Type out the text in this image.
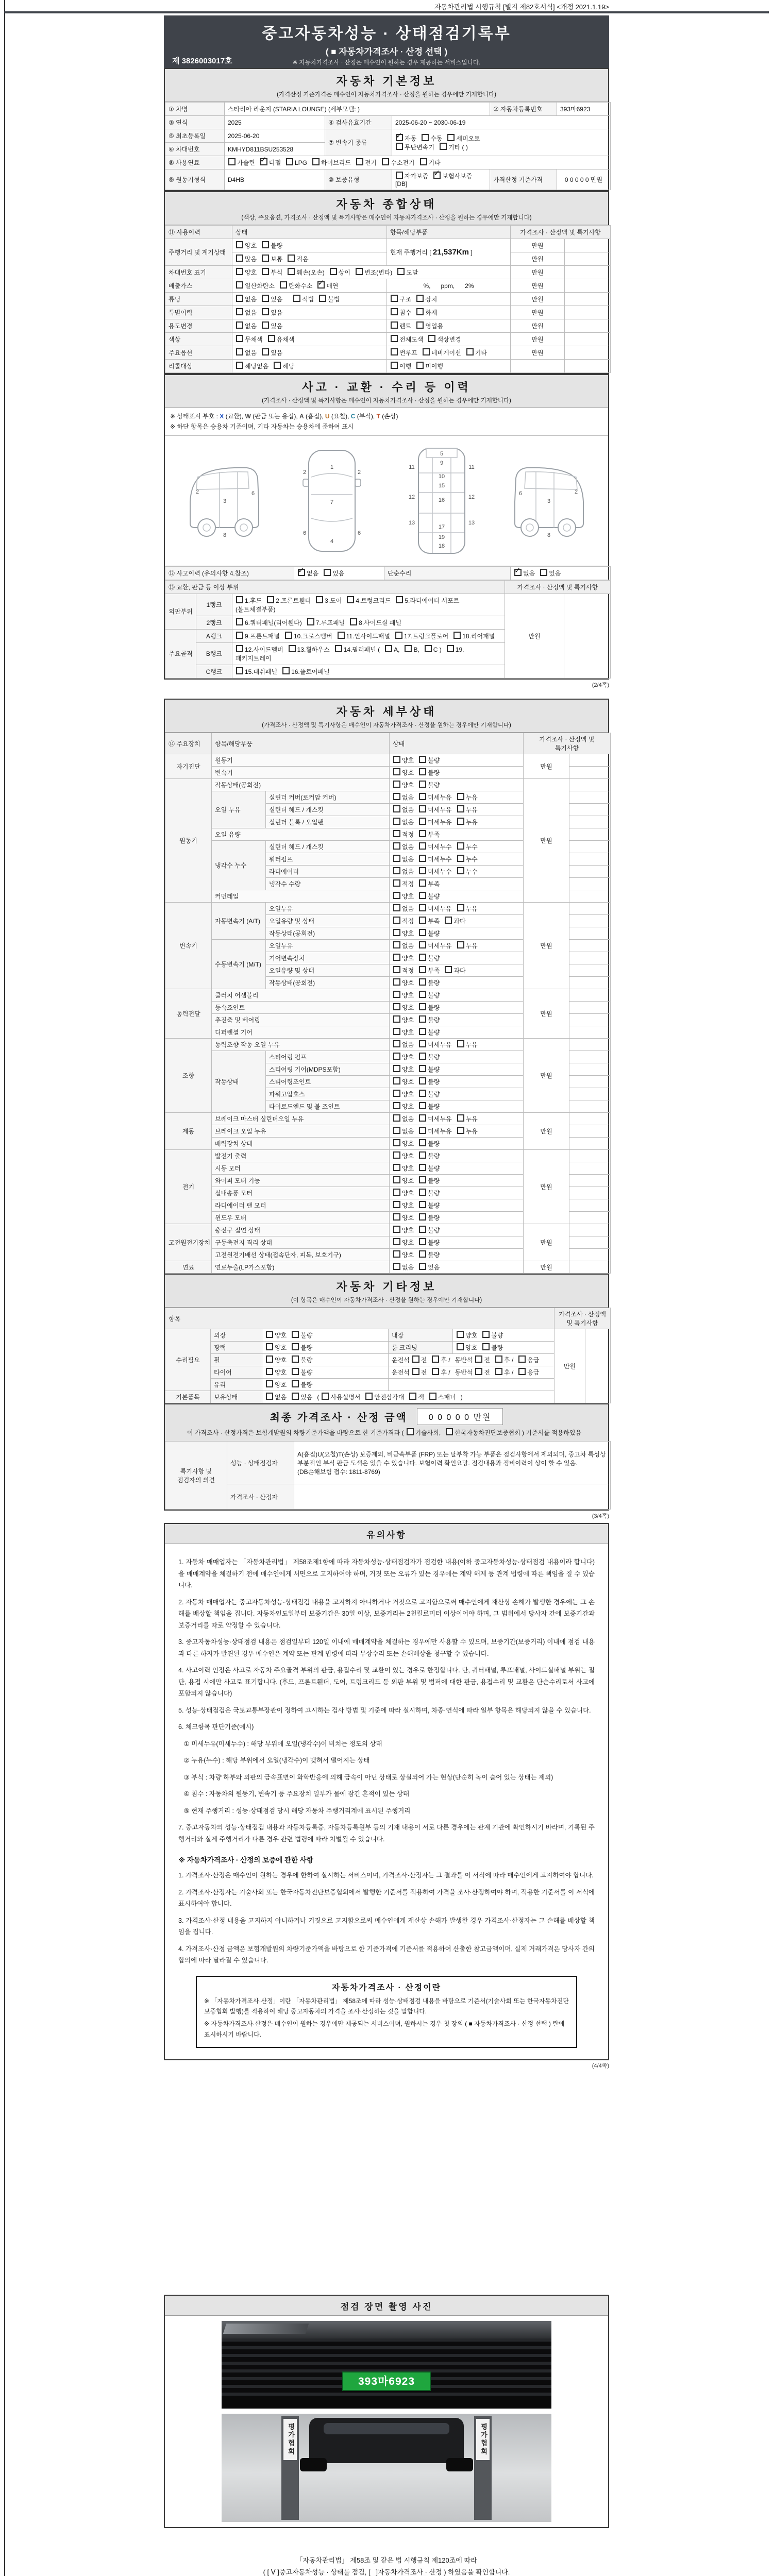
자동차관리법 시행규칙 [별지 제82호서식] <개정 2021.1.19>
중고자동차성능 · 상태점검기록부
( ■ 자동차가격조사 · 산정 선택 )
※ 자동차가격조사 · 산정은 매수인이 원하는 경우 제공하는 서비스입니다.
제 3826003017호
자동차 기본정보
(가격산정 기준가격은 매수인이 자동차가격조사 · 산정을 원하는 경우에만 기재합니다)
① 차명	스타리아 라운지 (STARIA LOUNGE) (세부모델: )			② 자동차등록번호	393마6923
③ 연식	2025	④ 검사유효기간	2025-06-20 ~ 2030-06-19		
⑤ 최초등록일	2025-06-20	⑦ 변속기 종류	
✓자동 수동 세미오토
무단변속기 기타 ( )

⑥ 차대번호	KMHYD811BSU253528				
⑧ 사용연료	가솔린 ✓ 디젤 LPG 하이브리드 전기 수소전기 기타
⑨ 원동기형식	D4HB	⑩ 보증유형	자가보증 ✓ 보험사보증[DB]	가격산정 기준가격	0 0 0 0 0 만원
자동차 종합상태
(색상, 주요옵션, 가격조사 · 산정액 및 특기사항은 매수인이 자동차가격조사 · 산정을 원하는 경우에만 기재합니다)
⑪ 사용이력	상태	항목/해당부품	가격조사 · 산정액 및 특기사항	
주행거리 및 계기상태	양호 불량	현재 주행거리 [ 21,537Km ]	만원	
	많음 보통 적음		만원	
차대번호 표기	양호 부식 훼손(오손) 상이 변조(변타) 도말		만원	
배출가스	일산화탄소 탄화수소 ✓ 매연	%,      ppm,      2%	만원	
튜닝	없음 있음 적법 불법	구조 장치	만원	
특별이력	없음 있음	침수 화재	만원	
용도변경	없음 있음	렌트 영업용	만원	
색상	무채색 유채색	전체도색 색상변경	만원	
주요옵션	없음 있음	썬루프 네비게이션 기타	만원	
리콜대상	해당없음 해당	이행 미이행		
사고 · 교환 · 수리 등 이력
(가격조사 · 산정액 및 특기사항은 매수인이 자동차가격조사 · 산정을 원하는 경우에만 기재합니다)
※ 상태표시 부호 : X (교환), W (판금 또는 용접), A (흠집), U (요철), C (부식), T (손상)
※ 하단 항목은 승용차 기준이며, 기타 자동차는 승용차에 준하여 표시
2
3
6
8
1
2	2
7
6	6
4
5
9
11	11
10
15
12	12
16
13	13
17
19
18
2
3
6
8
⑫ 사고이력 (유의사항 4.참조)	✓없음 있음	단순수리	✓없음 있음
⑬ 교환, 판금 등 이상 부위			가격조사 · 산정액 및 특기사항	
외판부위	1랭크	1.후드 2.프론트휀더 3.도어 4.트렁크리드 5.라디에이터 서포트(볼트체결부품)	만원	
	2랭크	6.쿼터패널(리어휀다) 7.루프패널 8.사이드실 패널		
주요골격	A랭크	9.프론트패널 10.크로스멤버 11.인사이드패널 17.트렁크플로어 18.리어패널		
	B랭크	12.사이드멤버 13.휠하우스 14.필러패널 ( A, B, C ) 19.패키지트레이		
	C랭크	15.대쉬패널 16.플로어패널		
(2/4쪽)
자동차 세부상태
(가격조사 · 산정액 및 특기사항은 매수인이 자동차가격조사 · 산정을 원하는 경우에만 기재합니다)
⑭ 주요장치	항목/해당부품		상태	가격조사 · 산정액 및 특기사항	
자기진단	원동기		양호 불량	만원	
	변속기		양호 불량		
원동기	작동상태(공회전)		양호 불량	만원	
	오일 누유	실린더 커버(로커암 커버)	없음 미세누유 누유		
		실린더 헤드 / 개스킷	없음 미세누유 누유		
		실린더 블록 / 오일팬	없음 미세누유 누유		
	오일 유량		적정 부족		
	냉각수 누수	실린더 헤드 / 개스킷	없음 미세누수 누수		
		워터펌프	없음 미세누수 누수		
		라디에이터	없음 미세누수 누수		
		냉각수 수량	적정 부족		
	커먼레일		양호 불량		
변속기	자동변속기 (A/T)	오일누유	없음 미세누유 누유	만원	
		오일유량 및 상태	적정 부족 과다		
		작동상태(공회전)	양호 불량		
	수동변속기 (M/T)	오일누유	없음 미세누유 누유		
		기어변속장치	양호 불량		
		오일유량 및 상태	적정 부족 과다		
		작동상태(공회전)	양호 불량		
동력전달	클러치 어셈블리		양호 불량	만원	
	등속죠인트		양호 불량		
	추진축 및 베어링		양호 불량		
	디퍼렌셜 기어		양호 불량		
조향	동력조향 작동 오일 누유		없음 미세누유 누유	만원	
	작동상태	스티어링 펌프	양호 불량		
		스티어링 기어(MDPS포함)	양호 불량		
		스티어링조인트	양호 불량		
		파워고압호스	양호 불량		
		타이로드엔드 및 볼 조인트	양호 불량		
제동	브레이크 마스터 실린더오일 누유		없음 미세누유 누유	만원	
	브레이크 오일 누유		없음 미세누유 누유		
	배력장치 상태		양호 불량		
전기	발전기 출력		양호 불량	만원	
	시동 모터		양호 불량		
	와이퍼 모터 기능		양호 불량		
	실내송풍 모터		양호 불량		
	라디에이터 팬 모터		양호 불량		
	윈도우 모터		양호 불량		
고전원전기장치	충전구 절연 상태		양호 불량	만원	
	구동축전지 격리 상태		양호 불량		
	고전원전기배선 상태(접속단자, 피복, 보호기구)		양호 불량		
연료	연료누출(LP가스포함)		없음 있음	만원	
자동차 기타정보
(이 항목은 매수인이 자동차가격조사 · 산정을 원하는 경우에만 기재합니다)
항목					가격조사 · 산정액 및 특기사항	
수리필요	외장	양호 불량	내장	양호 불량	만원	
	광택	양호 불량	룸 크리닝	양호 불량		
	휠	양호 불량	운전석 전 후 / 동반석 전 후 / 응급			
	타이어	양호 불량	운전석 전 후 / 동반석 전 후 / 응급			
	유리	양호 불량				
기본품목	보유상태	없음 있음 ( 사용설명서 안전삼각대 잭 스패너 )				
최종 가격조사 · 산정 금액	0 0 0 0 0 만원
이 가격조사 · 산정가격은 보험개발원의 차량기준가액을 바탕으로 한 기준가격과 ( 기술사회, 한국자동차진단보증협회 ) 기준서를 적용하였음
특기사항 및 점검자의 의견	성능 · 상태점검자	A(흠집)U(요철)T(손상) 보증제외, 비금속부품 (FRP) 또는 탈부착 가능 부품은 점검사항에서 제외되며, 중고차 특성상 부분적인 부식 판금 도색은 있을 수 있습니다. 보험이력 확인요망. 점검내용과 정비이력이 상이 할 수 있음. (DB손해보험 접수: 1811-8769)
	가격조사 · 산정자	
(3/4쪽)
유의사항
1. 자동차 매매업자는 「자동차관리법」 제58조제1항에 따라 자동차성능·상태점검자가 점검한 내용(이하 중고자동차성능·상태점검 내용이라 합니다)을 매매계약을 체결하기 전에 매수인에게 서면으로 고지하여야 하며, 거짓 또는 오류가 있는 경우에는 계약 해제 등 관계 법령에 따른 책임을 질 수 있습니다.
2. 자동차 매매업자는 중고자동차성능·상태점검 내용을 고지하지 아니하거나 거짓으로 고지함으로써 매수인에게 재산상 손해가 발생한 경우에는 그 손해를 배상할 책임을 집니다. 자동차인도일부터 보증기간은 30일 이상, 보증거리는 2천킬로미터 이상이어야 하며, 그 범위에서 당사자 간에 보증기간과 보증거리를 따로 약정할 수 있습니다.
3. 중고자동차성능·상태점검 내용은 점검일부터 120일 이내에 매매계약을 체결하는 경우에만 사용할 수 있으며, 보증기간(보증거리) 이내에 점검 내용과 다른 하자가 발견된 경우 매수인은 계약 또는 관계 법령에 따라 무상수리 또는 손해배상을 청구할 수 있습니다.
4. 사고이력 인정은 사고로 자동차 주요골격 부위의 판금, 용접수리 및 교환이 있는 경우로 한정합니다. 단, 쿼터패널, 루프패널, 사이드실패널 부위는 절단, 용접 시에만 사고로 표기합니다. (후드, 프론트휀더, 도어, 트렁크리드 등 외판 부위 및 범퍼에 대한 판금, 용접수리 및 교환은 단순수리로서 사고에 포함되지 않습니다)
5. 성능·상태점검은 국토교통부장관이 정하여 고시하는 검사 방법 및 기준에 따라 실시하며, 차종·연식에 따라 일부 항목은 해당되지 않을 수 있습니다.
6. 체크항목 판단기준(예시)
① 미세누유(미세누수) : 해당 부위에 오일(냉각수)이 비치는 정도의 상태
② 누유(누수) : 해당 부위에서 오일(냉각수)이 맺혀서 떨어지는 상태
③ 부식 : 차량 하부와 외판의 금속표면이 화학반응에 의해 금속이 아닌 상태로 상실되어 가는 현상(단순히 녹이 슬어 있는 상태는 제외)
④ 침수 : 자동차의 원동기, 변속기 등 주요장치 일부가 물에 잠긴 흔적이 있는 상태
⑤ 현재 주행거리 : 성능·상태점검 당시 해당 자동차 주행거리계에 표시된 주행거리
7. 중고자동차의 성능·상태점검 내용과 자동차등록증, 자동차등록원부 등의 기재 내용이 서로 다른 경우에는 관계 기관에 확인하시기 바라며, 기록된 주행거리와 실제 주행거리가 다른 경우 관련 법령에 따라 처벌될 수 있습니다.
※ 자동차가격조사 · 산정의 보증에 관한 사항
1. 가격조사·산정은 매수인이 원하는 경우에 한하여 실시하는 서비스이며, 가격조사·산정자는 그 결과를 이 서식에 따라 매수인에게 고지하여야 합니다.
2. 가격조사·산정자는 기술사회 또는 한국자동차진단보증협회에서 발행한 기준서를 적용하여 가격을 조사·산정하여야 하며, 적용한 기준서를 이 서식에 표시하여야 합니다.
3. 가격조사·산정 내용을 고지하지 아니하거나 거짓으로 고지함으로써 매수인에게 재산상 손해가 발생한 경우 가격조사·산정자는 그 손해를 배상할 책임을 집니다.
4. 가격조사·산정 금액은 보험개발원의 차량기준가액을 바탕으로 한 기준가격에 기준서를 적용하여 산출한 참고금액이며, 실제 거래가격은 당사자 간의 합의에 따라 달라질 수 있습니다.
자동차가격조사 · 산정이란
※ 「자동차가격조사·산정」이란 「자동차관리법」 제58조에 따라 성능·상태점검 내용을 바탕으로 기준서(기술사회 또는 한국자동차진단보증협회 발행)를 적용하여 해당 중고자동차의 가격을 조사·산정하는 것을 말합니다.
※ 자동차가격조사·산정은 매수인이 원하는 경우에만 제공되는 서비스이며, 원하시는 경우 첫 장의 ( ■ 자동차가격조사 · 산정 선택 ) 란에 표시하시기 바랍니다.
(4/4쪽)
점검 장면 촬영 사진
393마6923
평가협회	평가협회
「자동차관리법」 제58조 및 같은 법 시행규칙 제120조에 따라
( [ Ⅴ ]중고자동차성능 · 상태를 점검, [   ]자동차가격조사 · 산정 ) 하였음을 확인합니다.
